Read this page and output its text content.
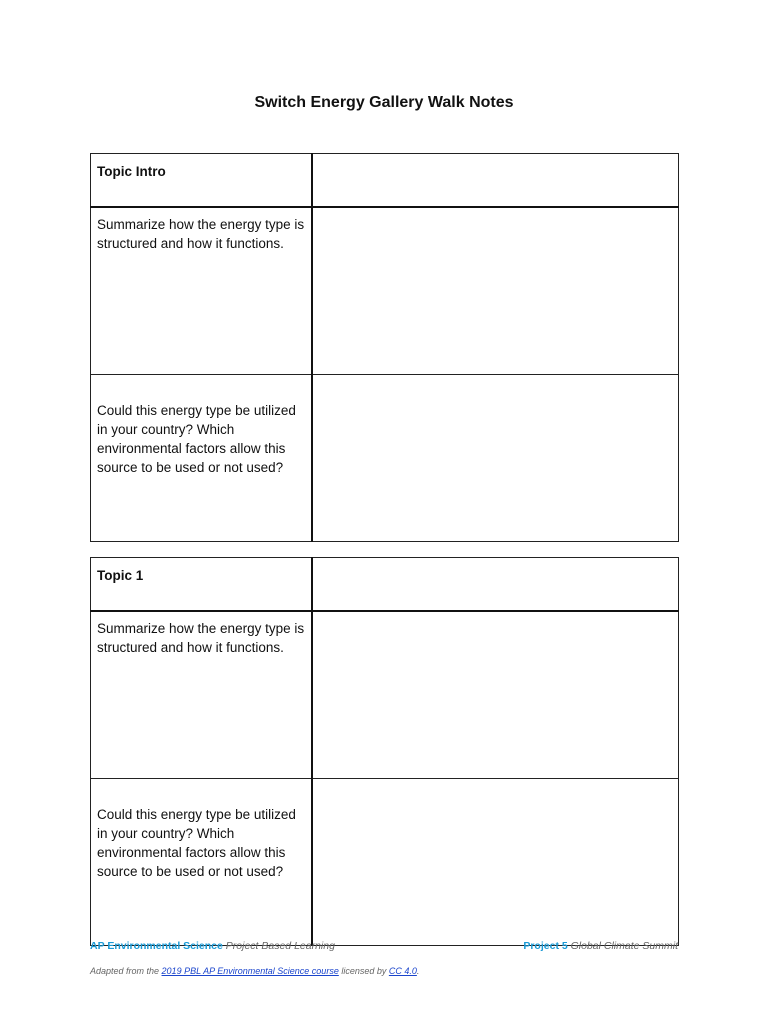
Switch Energy Gallery Walk Notes
Topic Intro	
Summarize how the energy type is structured and how it functions.	
Could this energy type be utilized in your country? Which environmental factors allow this source to be used or not used?	
Topic 1	
Summarize how the energy type is structured and how it functions.	
Could this energy type be utilized in your country? Which environmental factors allow this source to be used or not used?	
AP Environmental Science Project Based Learning	Project 5 Global Climate Summit
Adapted from the 2019 PBL AP Environmental Science course licensed by CC 4.0.
